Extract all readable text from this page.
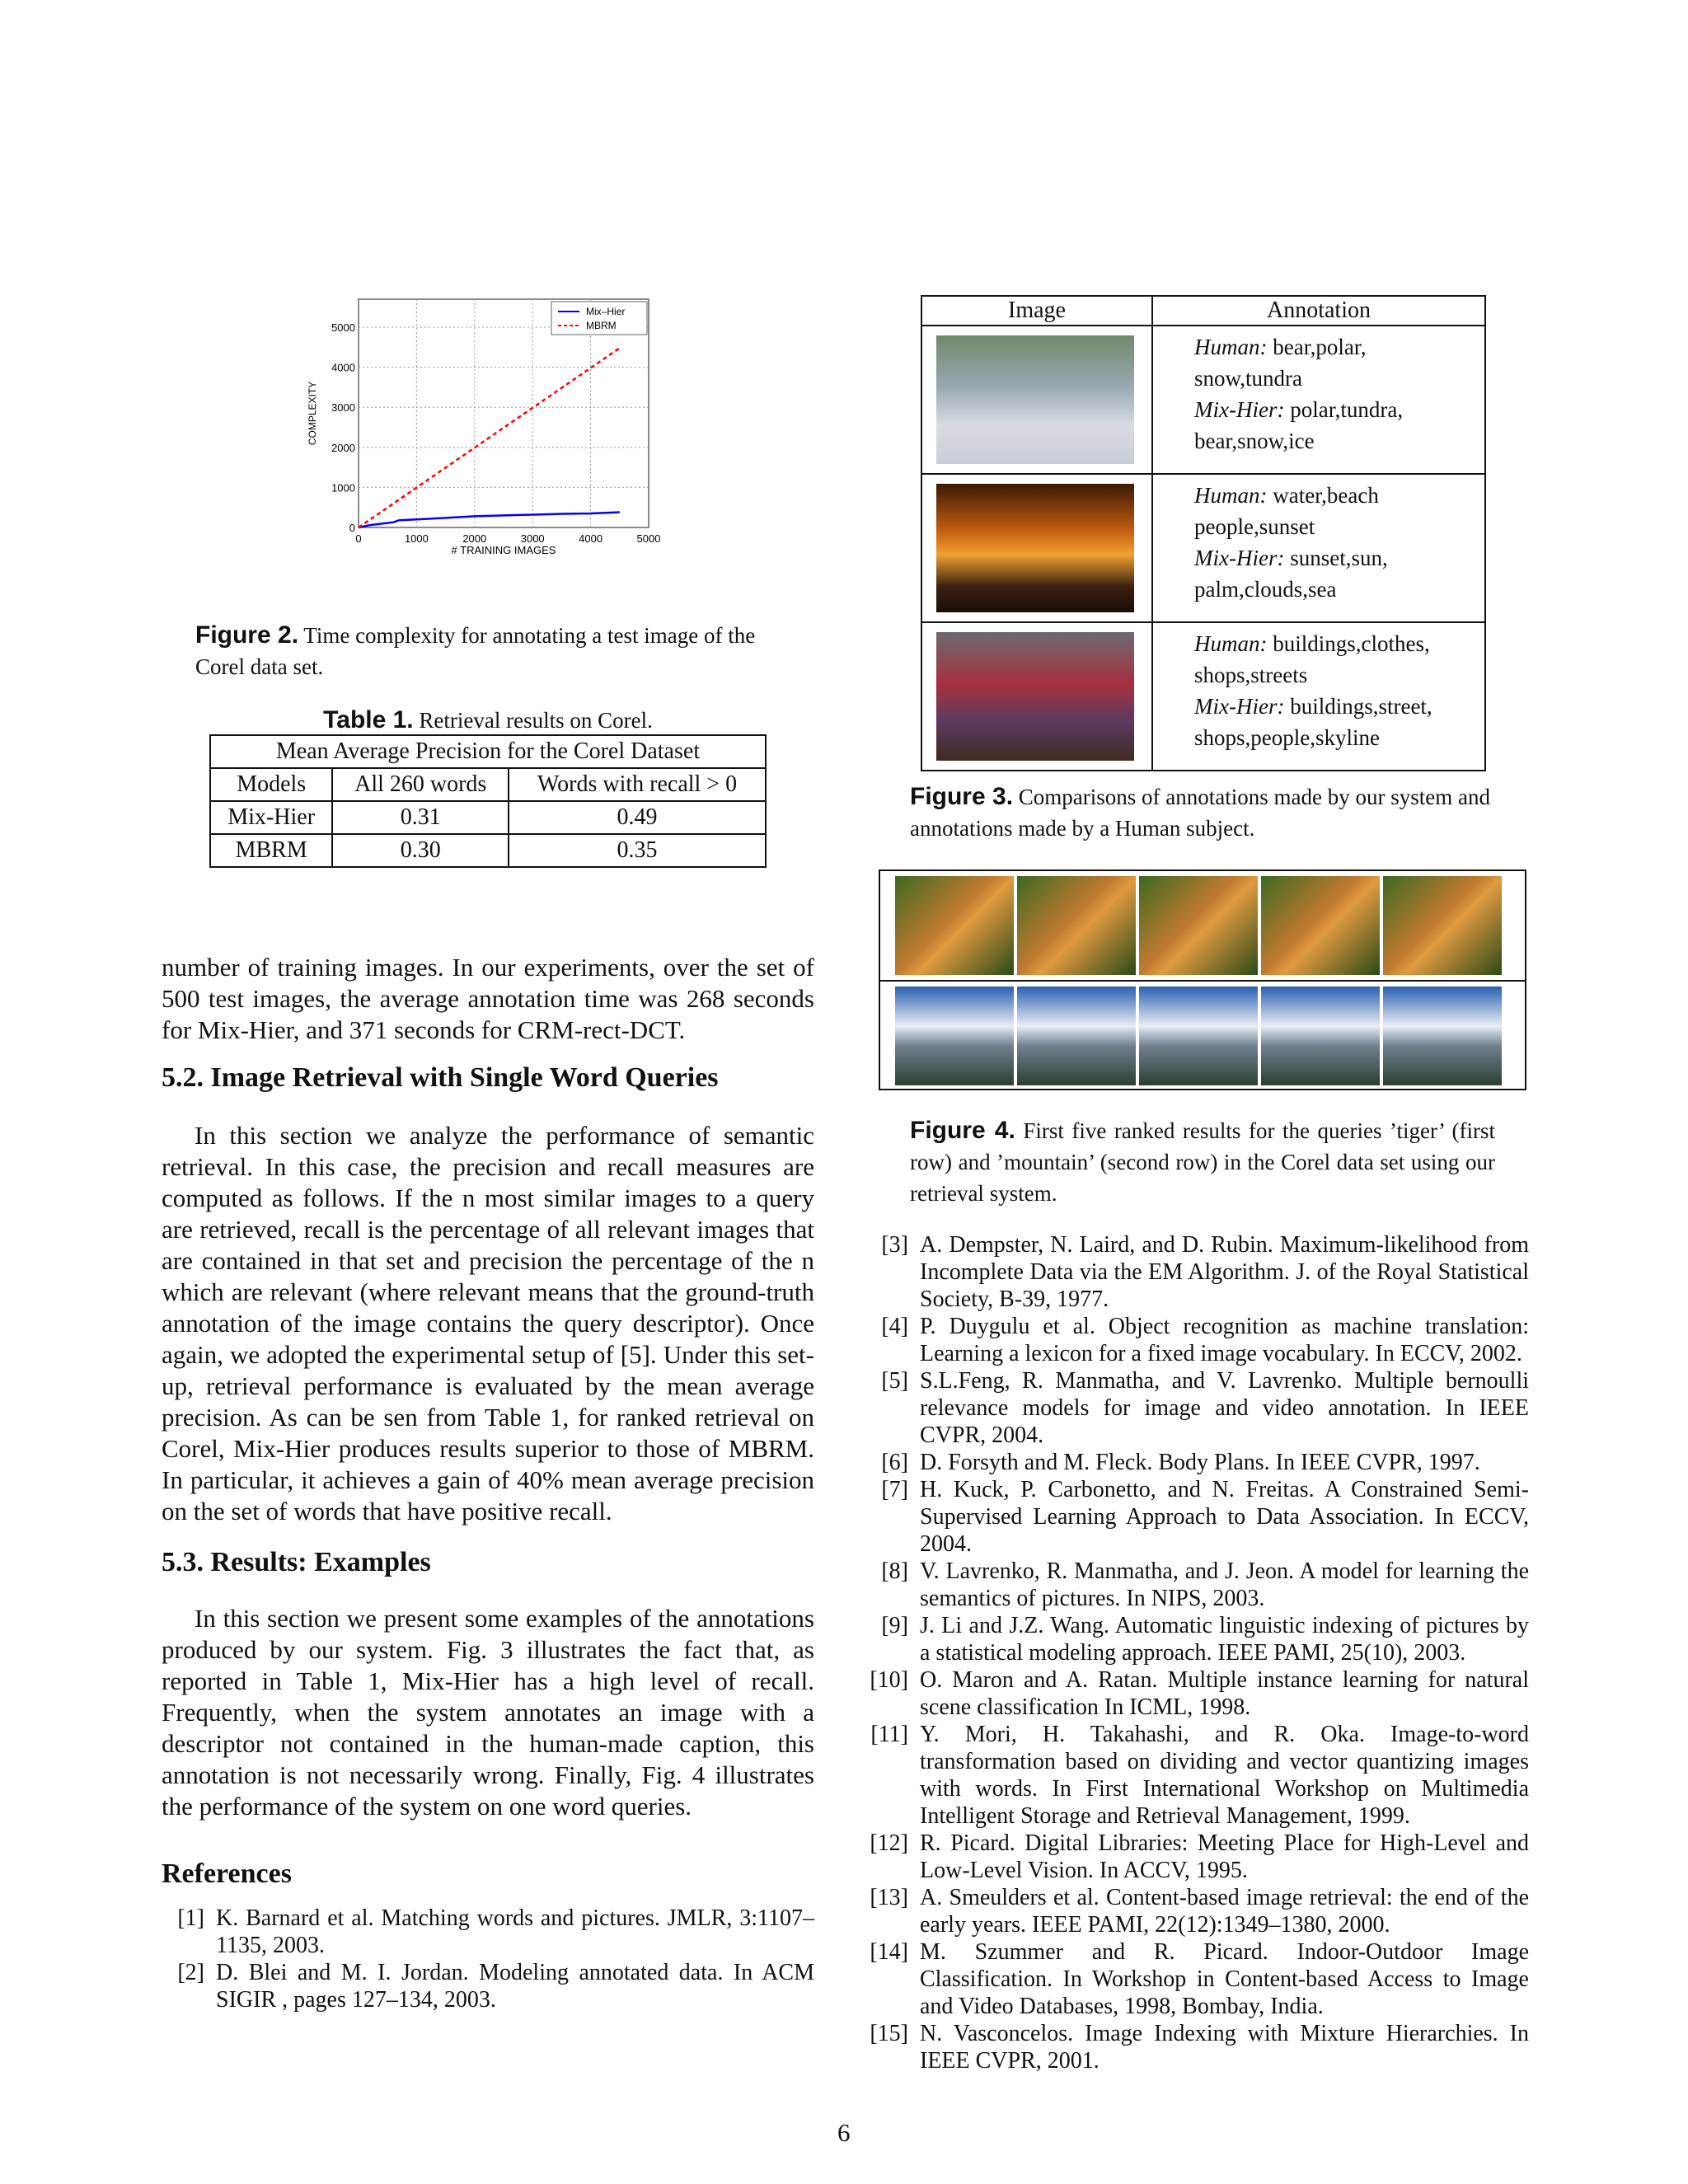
0	1000	2000	3000	4000	5000
0
1000
2000
3000
4000
5000
# TRAINING IMAGES
COMPLEXITY
Mix–Hier
MBRM
Figure 2. Time complexity for annotating a test image of the Corel data set.
Table 1. Retrieval results on Corel.
Mean Average Precision for the Corel Dataset		
Models	All 260 words	Words with recall > 0
Mix-Hier	0.31	0.49
MBRM	0.30	0.35

number of training images. In our experiments, over the set of 500 test images, the average annotation time was 268 seconds for Mix-Hier, and 371 seconds for CRM-rect-DCT.

5.2. Image Retrieval with Single Word Queries

In this section we analyze the performance of semantic retrieval. In this case, the precision and recall measures are computed as follows. If the n most similar images to a query are retrieved, recall is the percentage of all relevant images that are contained in that set and precision the percentage of the n which are relevant (where relevant means that the ground-truth annotation of the image contains the query descriptor). Once again, we adopted the experimental setup of [5]. Under this set-up, retrieval performance is evaluated by the mean average precision. As can be sen from Table 1, for ranked retrieval on Corel, Mix-Hier produces results superior to those of MBRM. In particular, it achieves a gain of 40% mean average precision on the set of words that have positive recall.

5.3. Results: Examples

In this section we present some examples of the annotations produced by our system. Fig. 3 illustrates the fact that, as reported in Table 1, Mix-Hier has a high level of recall. Frequently, when the system annotates an image with a descriptor not contained in the human-made caption, this annotation is not necessarily wrong. Finally, Fig. 4 illustrates the performance of the system on one word queries.

References
[1] K. Barnard et al. Matching words and pictures. JMLR, 3:1107–1135, 2003.
[2] D. Blei and M. I. Jordan. Modeling annotated data. In ACM SIGIR , pages 127–134, 2003.
Image	Annotation

	Human: bear,polar, snow,tundra
Mix-Hier: polar,tundra, bear,snow,ice

	Human: water,beach people,sunset
Mix-Hier: sunset,sun, palm,clouds,sea

	Human: buildings,clothes, shops,streets
Mix-Hier: buildings,street, shops,people,skyline
Figure 3. Comparisons of annotations made by our system and annotations made by a Human subject.
Figure 4. First five ranked results for the queries ’tiger’ (first row) and ’mountain’ (second row) in the Corel data set using our retrieval system.
[3] A. Dempster, N. Laird, and D. Rubin. Maximum-likelihood from Incomplete Data via the EM Algorithm. J. of the Royal Statistical Society, B-39, 1977.
[4] P. Duygulu et al. Object recognition as machine translation: Learning a lexicon for a fixed image vocabulary. In ECCV, 2002.
[5] S.L.Feng, R. Manmatha, and V. Lavrenko. Multiple bernoulli relevance models for image and video annotation. In IEEE CVPR, 2004.
[6] D. Forsyth and M. Fleck. Body Plans. In IEEE CVPR, 1997.
[7] H. Kuck, P. Carbonetto, and N. Freitas. A Constrained Semi-Supervised Learning Approach to Data Association. In ECCV, 2004.
[8] V. Lavrenko, R. Manmatha, and J. Jeon. A model for learning the semantics of pictures. In NIPS, 2003.
[9] J. Li and J.Z. Wang. Automatic linguistic indexing of pictures by a statistical modeling approach. IEEE PAMI, 25(10), 2003.
[10] O. Maron and A. Ratan. Multiple instance learning for natural scene classification In ICML, 1998.
[11] Y. Mori, H. Takahashi, and R. Oka. Image-to-word transformation based on dividing and vector quantizing images with words. In First International Workshop on Multimedia Intelligent Storage and Retrieval Management, 1999.
[12] R. Picard. Digital Libraries: Meeting Place for High-Level and Low-Level Vision. In ACCV, 1995.
[13] A. Smeulders et al. Content-based image retrieval: the end of the early years. IEEE PAMI, 22(12):1349–1380, 2000.
[14] M. Szummer and R. Picard. Indoor-Outdoor Image Classification. In Workshop in Content-based Access to Image and Video Databases, 1998, Bombay, India.
[15] N. Vasconcelos. Image Indexing with Mixture Hierarchies. In IEEE CVPR, 2001.
6
